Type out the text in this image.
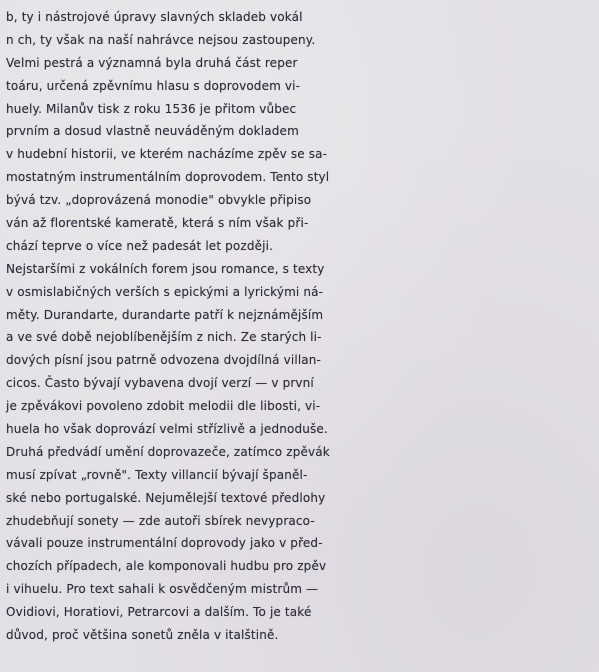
b, ty i nástrojové úpravy slavných skladeb vokál
n ch, ty však na naší nahrávce nejsou zastoupeny.
Velmi pestrá a významná byla druhá část reper
toáru, určená zpěvnímu hlasu s doprovodem vi-
huely. Milanův tisk z roku 1536 je přitom vůbec
prvním a dosud vlastně neuváděným dokladem
v hudební historii, ve kterém nacházíme zpěv se sa-
mostatným instrumentálním doprovodem. Tento styl
bývá tzv. „doprovázená monodie" obvykle připiso
ván až florentské kameratě, která s ním však při-
chází teprve o více než padesát let později.
Nejstaršími z vokálních forem jsou romance, s texty
v osmislabičných verších s epickými a lyrickými ná-
měty. Durandarte, durandarte patří k nejznámějším
a ve své době nejoblíbenějším z nich. Ze starých li-
dových písní jsou patrně odvozena dvojdílná villan-
cicos. Často bývají vybavena dvojí verzí — v první
je zpěvákovi povoleno zdobit melodii dle libosti, vi-
huela ho však doprovází velmi střízlivě a jednoduše.
Druhá předvádí umění doprovazeče, zatímco zpěvák
musí zpívat „rovně". Texty villancií bývají španěl-
ské nebo portugalské. Nejumělejší textové předlohy
zhudebňují sonety — zde autoři sbírek nevypraco-
vávali pouze instrumentální doprovody jako v před-
chozích případech, ale komponovali hudbu pro zpěv
i vihuelu. Pro text sahali k osvědčeným mistrům —
Ovidiovi, Horatiovi, Petrarcovi a dalším. To je také
důvod, proč většina sonetů zněla v italštině.
